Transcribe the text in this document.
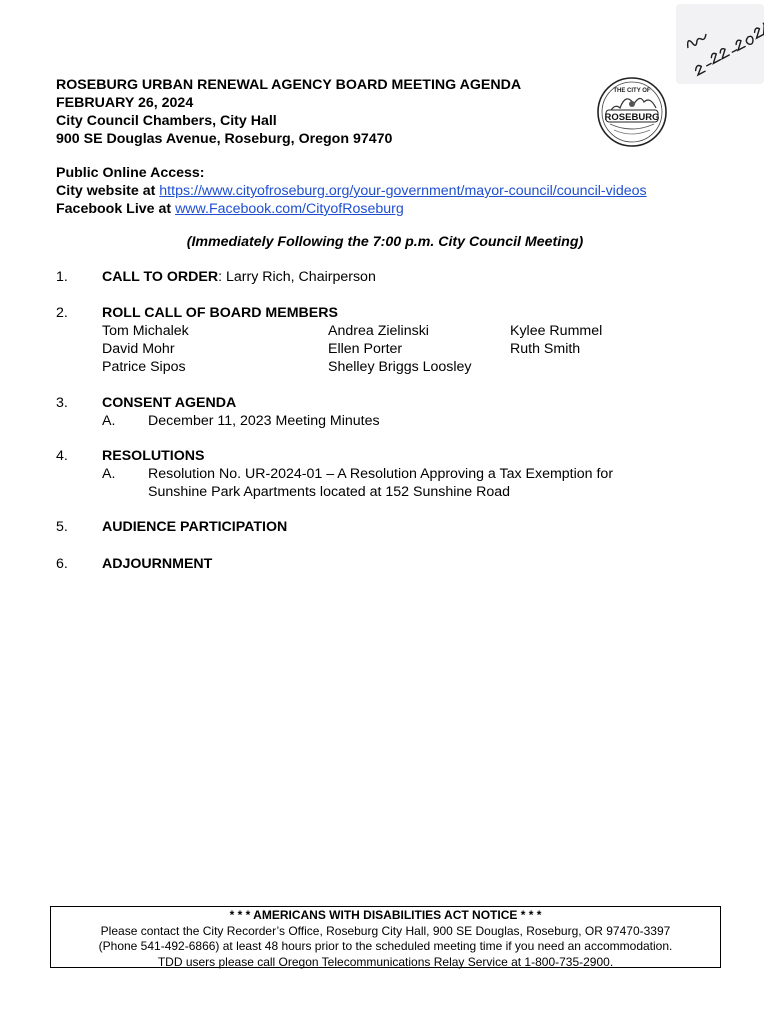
THE CITY OF
ROSEBURG
ROSEBURG URBAN RENEWAL AGENCY BOARD MEETING AGENDA
FEBRUARY 26, 2024
City Council Chambers, City Hall
900 SE Douglas Avenue, Roseburg, Oregon 97470
Public Online Access:
City website at https://www.cityofroseburg.org/your-government/mayor-council/council-videos
Facebook Live at www.Facebook.com/CityofRoseburg
(Immediately Following the 7:00 p.m. City Council Meeting)
1. CALL TO ORDER: Larry Rich, Chairperson
2. ROLL CALL OF BOARD MEMBERS
Tom Michalek
David Mohr
Patrice Sipos
Andrea Zielinski
Ellen Porter
Shelley Briggs Loosley
Kylee Rummel
Ruth Smith
3. CONSENT AGENDA
A. December 11, 2023 Meeting Minutes
4. RESOLUTIONS
A. Resolution No. UR-2024-01 – A Resolution Approving a Tax Exemption for
Sunshine Park Apartments located at 152 Sunshine Road
5. AUDIENCE PARTICIPATION
6. ADJOURNMENT
* * * AMERICANS WITH DISABILITIES ACT NOTICE * * *
Please contact the City Recorder’s Office, Roseburg City Hall, 900 SE Douglas, Roseburg, OR 97470-3397
(Phone 541-492-6866) at least 48 hours prior to the scheduled meeting time if you need an accommodation.
TDD users please call Oregon Telecommunications Relay Service at 1-800-735-2900.
